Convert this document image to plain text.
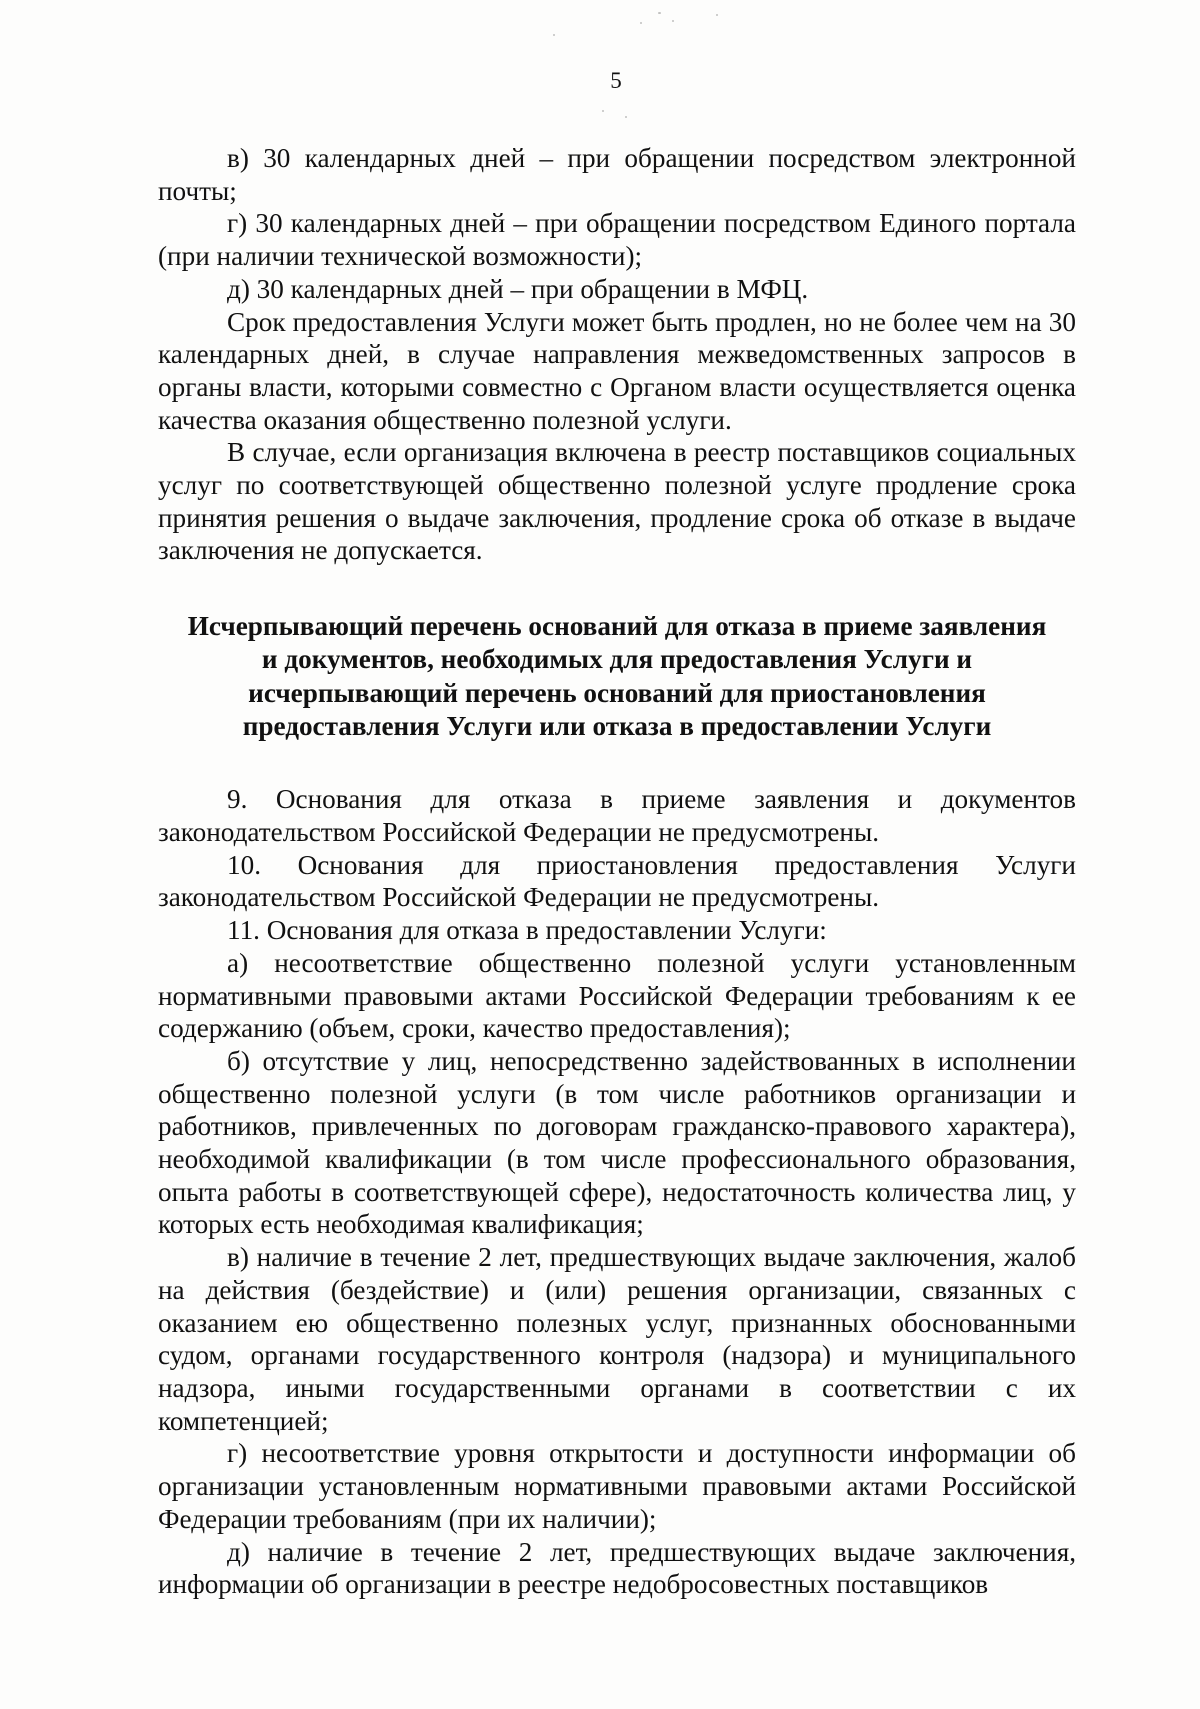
5

в) 30 календарных дней – при обращении посредством электронной почты;

г) 30 календарных дней – при обращении посредством Единого портала (при наличии технической возможности);

д) 30 календарных дней – при обращении в МФЦ.

Срок предоставления Услуги может быть продлен, но не более чем на 30 календарных дней, в случае направления межведомственных запросов в органы власти, которыми совместно с Органом власти осуществляется оценка качества оказания общественно полезной услуги.

В случае, если организация включена в реестр поставщиков социальных услуг по соответствующей общественно полезной услуге продление срока принятия решения о выдаче заключения, продление срока об отказе в выдаче заключения не допускается.

Исчерпывающий перечень оснований для отказа в приеме заявления
и документов, необходимых для предоставления Услуги и
исчерпывающий перечень оснований для приостановления
предоставления Услуги или отказа в предоставлении Услуги

9. Основания для отказа в приеме заявления и документов законодательством Российской Федерации не предусмотрены.

10. Основания для приостановления предоставления Услуги законодательством Российской Федерации не предусмотрены.

11. Основания для отказа в предоставлении Услуги:

а) несоответствие общественно полезной услуги установленным нормативными правовыми актами Российской Федерации требованиям к ее содержанию (объем, сроки, качество предоставления);

б) отсутствие у лиц, непосредственно задействованных в исполнении общественно полезной услуги (в том числе работников организации и работников, привлеченных по договорам гражданско-правового характера), необходимой квалификации (в том числе профессионального образования, опыта работы в соответствующей сфере), недостаточность количества лиц, у которых есть необходимая квалификация;

в) наличие в течение 2 лет, предшествующих выдаче заключения, жалоб на действия (бездействие) и (или) решения организации, связанных с оказанием ею общественно полезных услуг, признанных обоснованными судом, органами государственного контроля (надзора) и муниципального надзора, иными государственными органами в соответствии с их компетенцией;

г) несоответствие уровня открытости и доступности информации об организации установленным нормативными правовыми актами Российской Федерации требованиям (при их наличии);

д) наличие в течение 2 лет, предшествующих выдаче заключения, информации об организации в реестре недобросовестных поставщиков
